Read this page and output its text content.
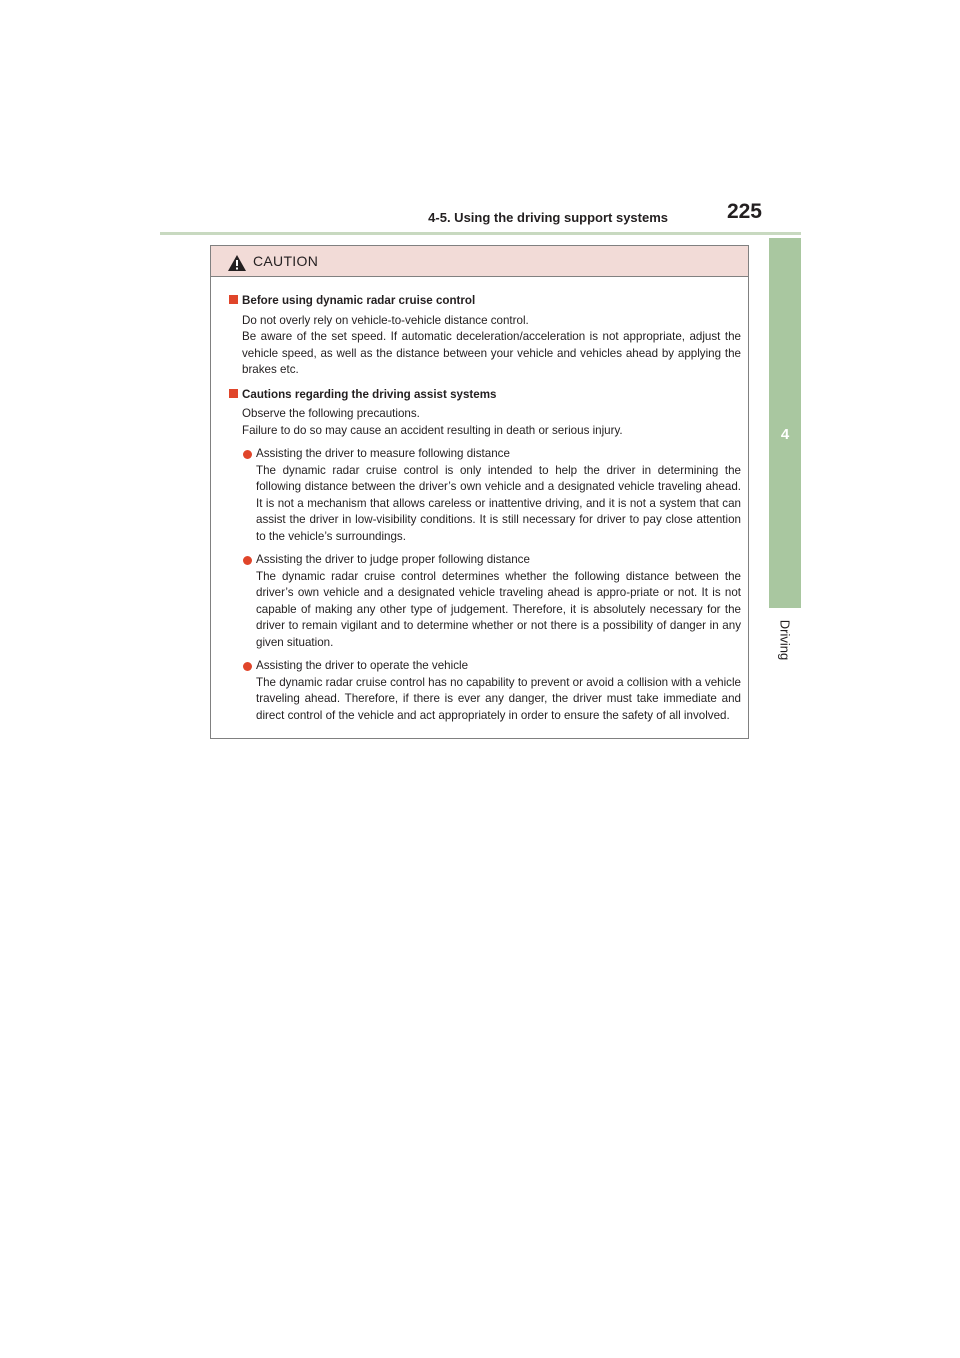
4-5. Using the driving support systems	225
4
Driving
CAUTION
Before using dynamic radar cruise control

Do not overly rely on vehicle-to-vehicle distance control.

Be aware of the set speed. If automatic deceleration/acceleration is not appropriate, adjust the vehicle speed, as well as the distance between your vehicle and vehicles ahead by applying the brakes etc.

Cautions regarding the driving assist systems

Observe the following precautions.

Failure to do so may cause an accident resulting in death or serious injury.

Assisting the driver to measure following distance
The dynamic radar cruise control is only intended to help the driver in determining the following distance between the driver’s own vehicle and a designated vehicle traveling ahead. It is not a mechanism that allows careless or inattentive driving, and it is not a system that can assist the driver in low-visibility conditions. It is still necessary for driver to pay close attention to the vehicle’s surroundings.
Assisting the driver to judge proper following distance
The dynamic radar cruise control determines whether the following distance between the driver’s own vehicle and a designated vehicle traveling ahead is appro-priate or not. It is not capable of making any other type of judgement. Therefore, it is absolutely necessary for the driver to remain vigilant and to determine whether or not there is a possibility of danger in any given situation.
Assisting the driver to operate the vehicle
The dynamic radar cruise control has no capability to prevent or avoid a collision with a vehicle traveling ahead. Therefore, if there is ever any danger, the driver must take immediate and direct control of the vehicle and act appropriately in order to ensure the safety of all involved.
